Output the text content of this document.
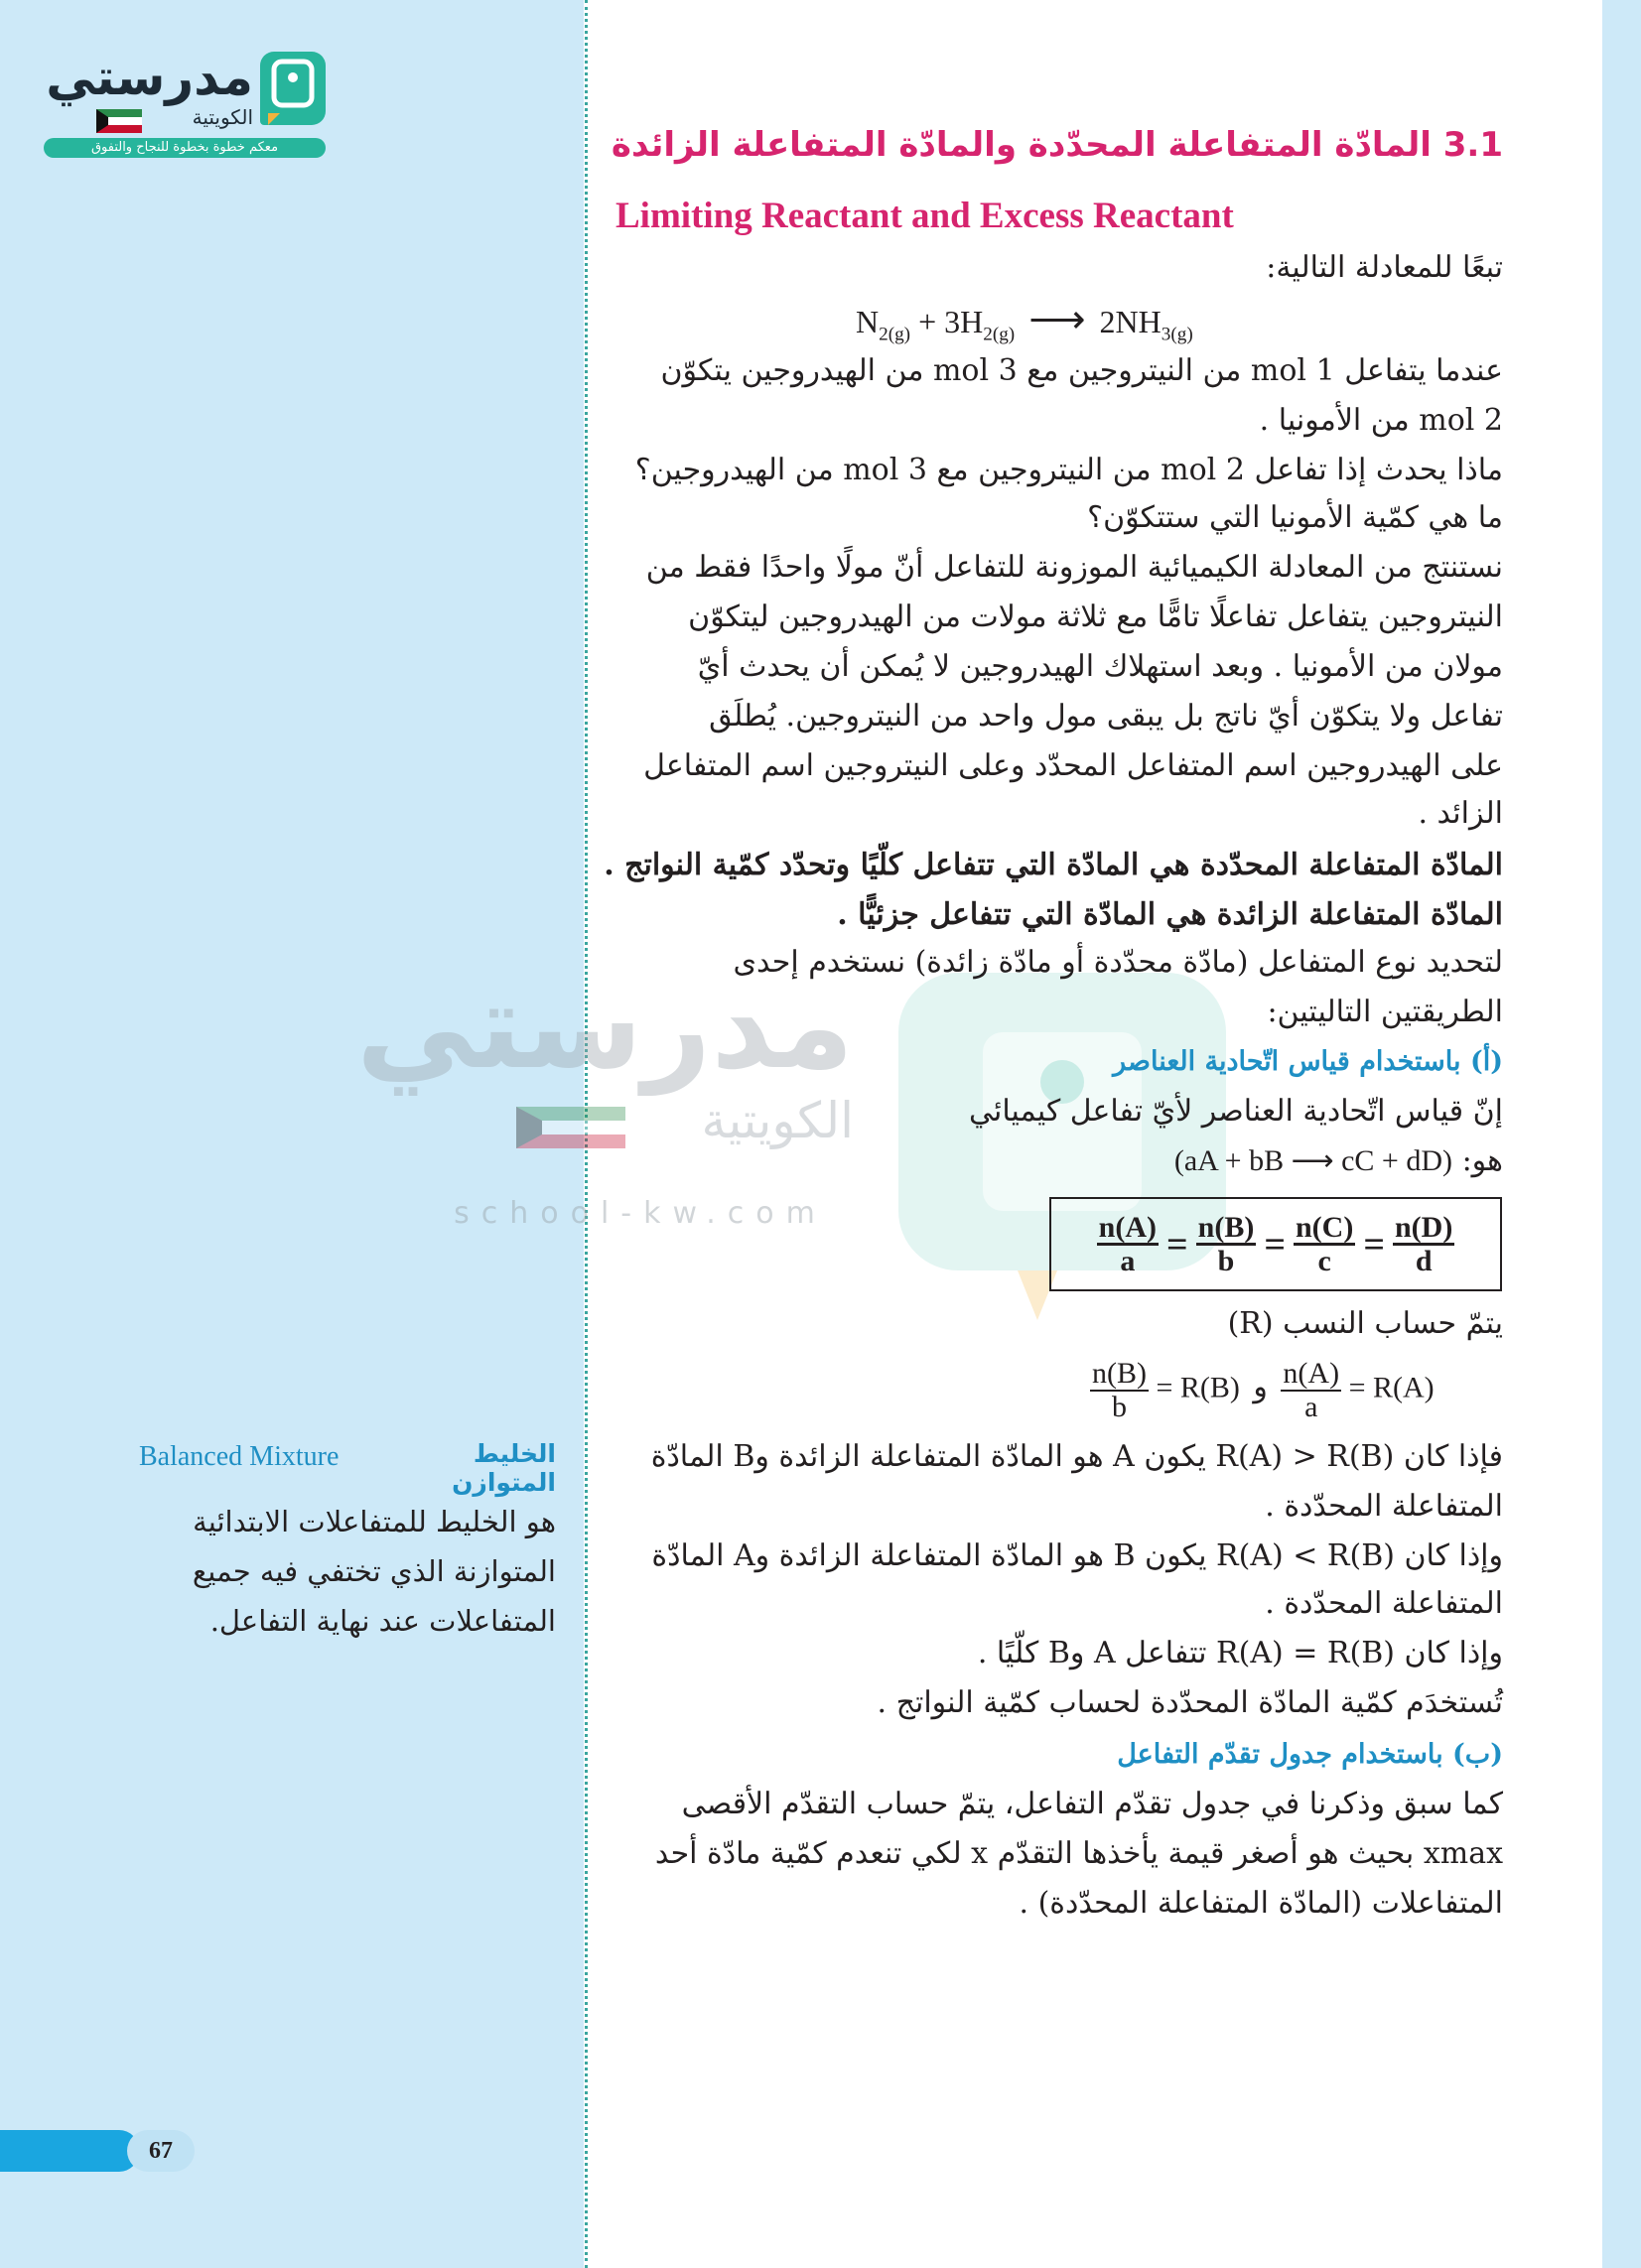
مدرستي
الكويتية
معكم خطوة بخطوة للنجاح والتفوق
مدرستي
الكويتية
school-kw.com
3.1 المادّة المتفاعلة المحدّدة والمادّة المتفاعلة الزائدة
Limiting Reactant and Excess Reactant
تبعًا للمعادلة التالية:
$N_{2(g)} + 3H_{2(g)}$ ⟶ $2NH_{3(g)}$
عندما يتفاعل 1 mol من النيتروجين مع 3 mol من الهيدروجين يتكوّن
2 mol من الأمونيا .
ماذا يحدث إذا تفاعل 2 mol من النيتروجين مع 3 mol من الهيدروجين؟
ما هي كمّية الأمونيا التي ستتكوّن؟
نستنتج من المعادلة الكيميائية الموزونة للتفاعل أنّ مولًا واحدًا فقط من
النيتروجين يتفاعل تفاعلًا تامًّا مع ثلاثة مولات من الهيدروجين ليتكوّن
مولان من الأمونيا . وبعد استهلاك الهيدروجين لا يُمكن أن يحدث أيّ
تفاعل ولا يتكوّن أيّ ناتج بل يبقى مول واحد من النيتروجين. يُطلَق
على الهيدروجين اسم المتفاعل المحدّد وعلى النيتروجين اسم المتفاعل
الزائد .
المادّة المتفاعلة المحدّدة هي المادّة التي تتفاعل كلّيًا وتحدّد كمّية النواتج .
المادّة المتفاعلة الزائدة هي المادّة التي تتفاعل جزئيًّا .
لتحديد نوع المتفاعل (مادّة محدّدة أو مادّة زائدة) نستخدم إحدى
الطريقتين التاليتين:
(أ) باستخدام قياس اتّحادية العناصر
إنّ قياس اتّحادية العناصر لأيّ تفاعل كيميائي
هو: (aA + bB ⟶ cC + dD)
$\frac{n(A)}{a} = \frac{n(B)}{b} = \frac{n(C)}{c} = \frac{n(D)}{d}$
يتمّ حساب النسب (R)
$\frac{n(B)}{b} = R(B)$ و $\frac{n(A)}{a} = R(A)$
فإذا كان R(A) > R(B) يكون A هو المادّة المتفاعلة الزائدة وB المادّة
المتفاعلة المحدّدة .
وإذا كان R(A) < R(B) يكون B هو المادّة المتفاعلة الزائدة وA المادّة
المتفاعلة المحدّدة .
وإذا كان R(A) = R(B) تتفاعل A وB كلّيًا .
تُستخدَم كمّية المادّة المحدّدة لحساب كمّية النواتج .
(ب) باستخدام جدول تقدّم التفاعل
كما سبق وذكرنا في جدول تقدّم التفاعل، يتمّ حساب التقدّم الأقصى
xmax بحيث هو أصغر قيمة يأخذها التقدّم x لكي تنعدم كمّية مادّة أحد
المتفاعلات (المادّة المتفاعلة المحدّدة) .
Balanced Mixture	الخليط المتوازن
هو الخليط للمتفاعلات الابتدائية
المتوازنة الذي تختفي فيه جميع
المتفاعلات عند نهاية التفاعل.
67
